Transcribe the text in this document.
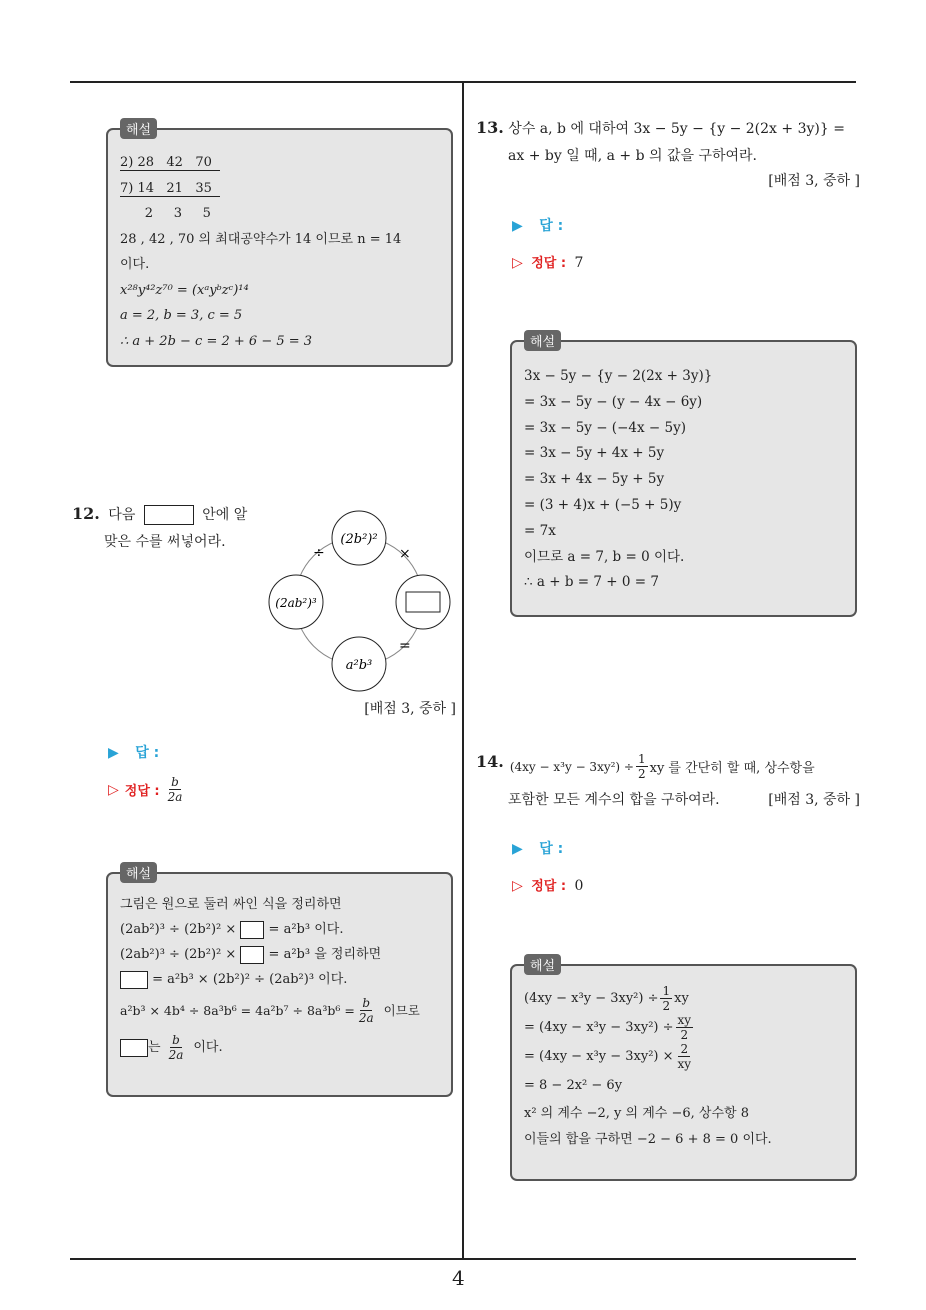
4
해설
2) 28   42   70
7) 14   21   35
2     3     5
28 , 42 , 70 의 최대공약수가 14 이므로 n = 14
이다.
x²⁸y⁴²z⁷⁰ = (xᵃyᵇzᶜ)¹⁴
a = 2, b = 3, c = 5
∴ a + 2b − c = 2 + 6 − 5 = 3
12. 다음	안에 알
맞은 수를 써넣어라.	(2b²)²
(2ab²)³
a²b³
÷	×
=
[배점 3, 중하 ]
▶ 답 :
▷ 정답 : $\frac{b}{2a}$
해설
그림은 원으로 둘러 싸인 식을 정리하면
(2ab²)³ ÷ (2b²)² × = a²b³ 이다.
(2ab²)³ ÷ (2b²)² × = a²b³ 을 정리하면
= a²b³ × (2b²)² ÷ (2ab²)³ 이다.
$a^2b^3 \times 4b^4 \div 8a^3b^6 = 4a^2b^7 \div 8a^3b^6 = \frac{b}{2a}$ 이므로
는 $\frac{b}{2a}$ 이다.
13. 상수 a, b 에 대하여 3x − 5y − {y − 2(2x + 3y)} =
ax + by 일 때, a + b 의 값을 구하여라.
[배점 3, 중하 ]
▶ 답 :
▷ 정답 : 7
해설
3x − 5y − {y − 2(2x + 3y)}
= 3x − 5y − (y − 4x − 6y)
= 3x − 5y − (−4x − 5y)
= 3x − 5y + 4x + 5y
= 3x + 4x − 5y + 5y
= (3 + 4)x + (−5 + 5)y
= 7x
이므로 a = 7, b = 0 이다.
∴ a + b = 7 + 0 = 7
14. $(4xy - x^3y - 3xy^2) \div \frac{1}{2}$ xy 를 간단히 할 때, 상수항을
포함한 모든 계수의 합을 구하여라.	[배점 3, 중하 ]
▶ 답 :
▷ 정답 : 0
해설
$(4xy - x^3y - 3xy^2) \div \frac{1}{2}$ xy
= $(4xy - x^3y - 3xy^2) \div \frac{xy}{2}$
= $(4xy - x^3y - 3xy^2) \times \frac{2}{xy}$
= 8 − 2x² − 6y
x² 의 계수 −2, y 의 계수 −6, 상수항 8
이들의 합을 구하면 −2 − 6 + 8 = 0 이다.
